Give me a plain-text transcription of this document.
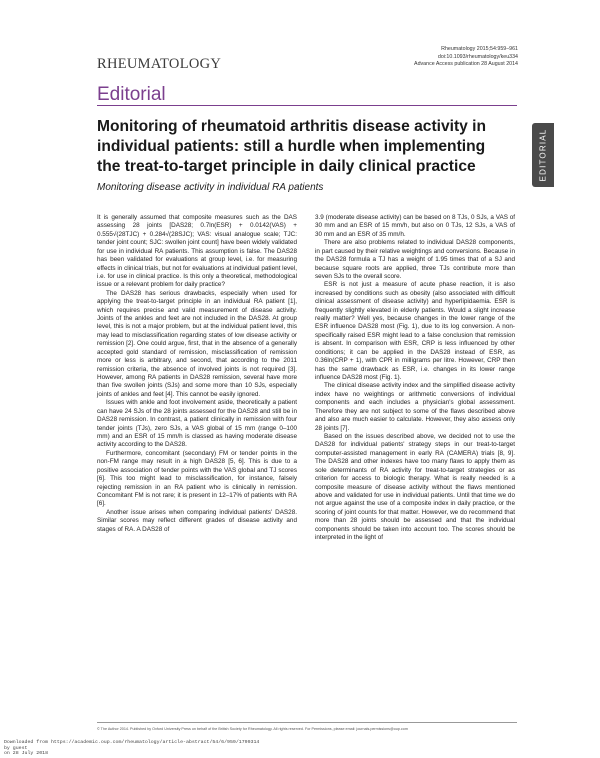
Rheumatology 2015;54:959–961
doi:10.1093/rheumatology/keu334
Advance Access publication 28 August 2014
RHEUMATOLOGY
Editorial
EDITORIAL
Monitoring of rheumatoid arthritis disease activity in individual patients: still a hurdle when implementing the treat-to-target principle in daily clinical practice
Monitoring disease activity in individual RA patients

It is generally assumed that composite measures such as the DAS assessing 28 joints [DAS28; 0.7ln(ESR) + 0.0142(VAS) + 0.555√(28TJC) + 0.284√(28SJC); VAS: visual analogue scale; TJC: tender joint count; SJC: swollen joint count] have been widely validated for use in individual RA patients. This assumption is false. The DAS28 has been validated for evaluations at group level, i.e. for measuring effects in clinical trials, but not for evaluations at individual patient level, i.e. for use in clinical practice. Is this only a theoretical, methodological issue or a relevant problem for daily practice?

The DAS28 has serious drawbacks, especially when used for applying the treat-to-target principle in an individual RA patient [1], which requires precise and valid measurement of disease activity. Joints of the ankles and feet are not included in the DAS28. At group level, this is not a major problem, but at the individual patient level, this may lead to misclassification regarding states of low disease activity or remission [2]. One could argue, first, that in the absence of a generally accepted gold standard of remission, misclassification of remission more or less is arbitrary, and second, that according to the 2011 remission criteria, the absence of involved joints is not required [3]. However, among RA patients in DAS28 remission, several have more than five swollen joints (SJs) and some more than 10 SJs, especially joints of ankles and feet [4]. This cannot be easily ignored.

Issues with ankle and foot involvement aside, theoretically a patient can have 24 SJs of the 28 joints assessed for the DAS28 and still be in DAS28 remission. In contrast, a patient clinically in remission with four tender joints (TJs), zero SJs, a VAS global of 15 mm (range 0–100 mm) and an ESR of 15 mm/h is classed as having moderate disease activity according to the DAS28.

Furthermore, concomitant (secondary) FM or tender points in the non-FM range may result in a high DAS28 [5, 6]. This is due to a positive association of tender points with the VAS global and TJ scores [6]. This too might lead to misclassification, for instance, falsely rejecting remission in an RA patient who is clinically in remission. Concomitant FM is not rare; it is present in 12–17% of patients with RA [6].

Another issue arises when comparing individual patients' DAS28. Similar scores may reflect different grades of disease activity and stages of RA. A DAS28 of

3.9 (moderate disease activity) can be based on 8 TJs, 0 SJs, a VAS of 30 mm and an ESR of 15 mm/h, but also on 0 TJs, 12 SJs, a VAS of 30 mm and an ESR of 35 mm/h.

There are also problems related to individual DAS28 components, in part caused by their relative weightings and conversions. Because in the DAS28 formula a TJ has a weight of 1.95 times that of a SJ and because square roots are applied, three TJs contribute more than seven SJs to the overall score.

ESR is not just a measure of acute phase reaction, it is also increased by conditions such as obesity (also associated with difficult clinical assessment of disease activity) and hyperlipidaemia. ESR is frequently slightly elevated in elderly patients. Would a slight increase really matter? Well yes, because changes in the lower range of the ESR influence DAS28 most (Fig. 1), due to its log conversion. A non-specifically raised ESR might lead to a false conclusion that remission is absent. In comparison with ESR, CRP is less influenced by other conditions; it can be applied in the DAS28 instead of ESR, as 0.36ln(CRP + 1), with CPR in milligrams per litre. However, CRP then has the same drawback as ESR, i.e. changes in its lower range influence DAS28 most (Fig. 1).

The clinical disease activity index and the simplified disease activity index have no weightings or arithmetic conversions of individual components and each includes a physician's global assessment. Therefore they are not subject to some of the flaws described above and also are much easier to calculate. However, they also assess only 28 joints [7].

Based on the issues described above, we decided not to use the DAS28 for individual patients' strategy steps in our treat-to-target computer-assisted management in early RA (CAMERA) trials [8, 9]. The DAS28 and other indexes have too many flaws to apply them as sole determinants of RA activity for treat-to-target strategies or as criterion for access to biologic therapy. What is really needed is a composite measure of disease activity without the flaws mentioned above and validated for use in individual patients. Until that time we do not argue against the use of a composite index in daily practice, or the scoring of joint counts for that matter. However, we do recommend that more than 28 joints should be assessed and that the individual components should be taken into account too. The scores should be interpreted in the light of

© The Author 2014. Published by Oxford University Press on behalf of the British Society for Rheumatology. All rights reserved. For Permissions, please email: journals.permissions@oup.com
Downloaded from https://academic.oup.com/rheumatology/article-abstract/54/6/959/1799314
by guest
on 28 July 2018
